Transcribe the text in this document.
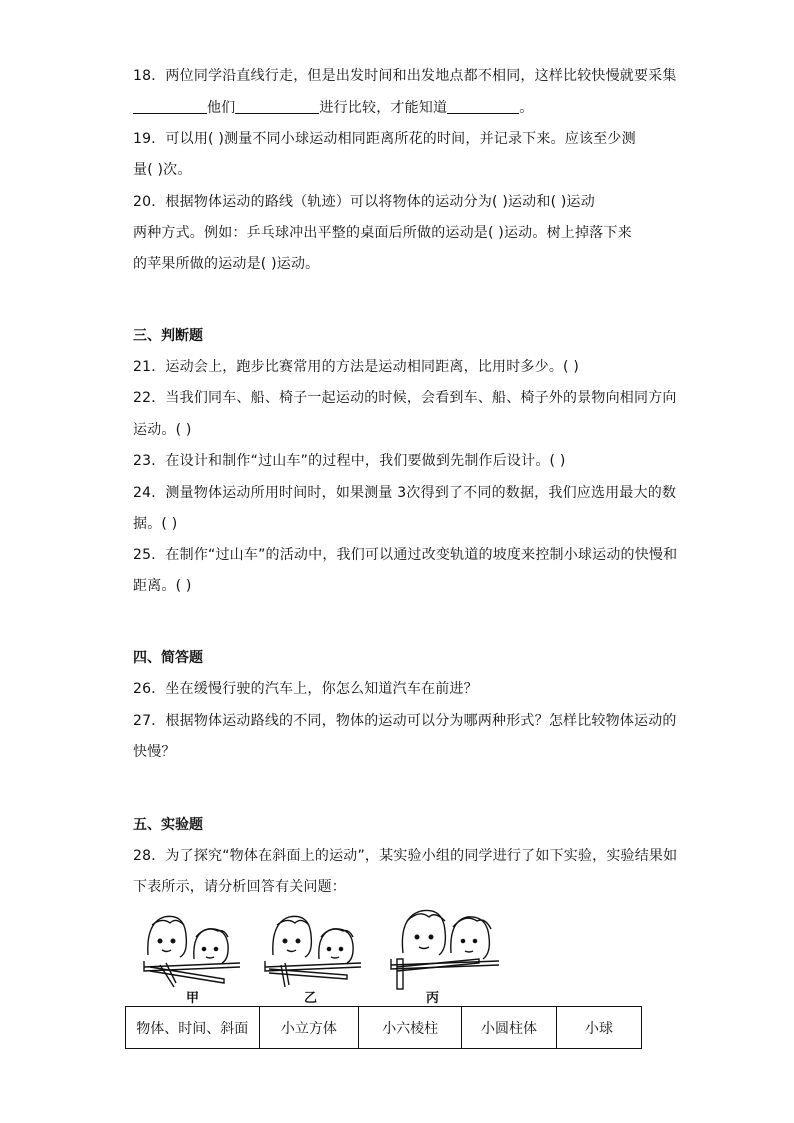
18．两位同学沿直线行走，但是出发时间和出发地点都不相同，这样比较快慢就要采集
他们	进行比较，才能知道	。
19．可以用( )测量不同小球运动相同距离所花的时间，并记录下来。应该至少测
量( )次。
20．根据物体运动的路线（轨迹）可以将物体的运动分为( )运动和( )运动
两种方式。例如：乒乓球冲出平整的桌面后所做的运动是( )运动。树上掉落下来
的苹果所做的运动是( )运动。
三、判断题
21．运动会上，跑步比赛常用的方法是运动相同距离，比用时多少。( )
22．当我们同车、船、椅子一起运动的时候，会看到车、船、椅子外的景物向相同方向
运动。( )
23．在设计和制作“过山车”的过程中，我们要做到先制作后设计。( )
24．测量物体运动所用时间时，如果测量 3次得到了不同的数据，我们应选用最大的数
据。( )
25．在制作“过山车”的活动中，我们可以通过改变轨道的坡度来控制小球运动的快慢和
距离。( )
四、简答题
26．坐在缓慢行驶的汽车上，你怎么知道汽车在前进？
27．根据物体运动路线的不同，物体的运动可以分为哪两种形式？怎样比较物体运动的
快慢？
五、实验题
28．为了探究“物体在斜面上的运动”，某实验小组的同学进行了如下实验，实验结果如
下表所示，请分析回答有关问题：
甲	乙	丙
物体、时间、斜面	小立方体	小六棱柱	小圆柱体	小球
